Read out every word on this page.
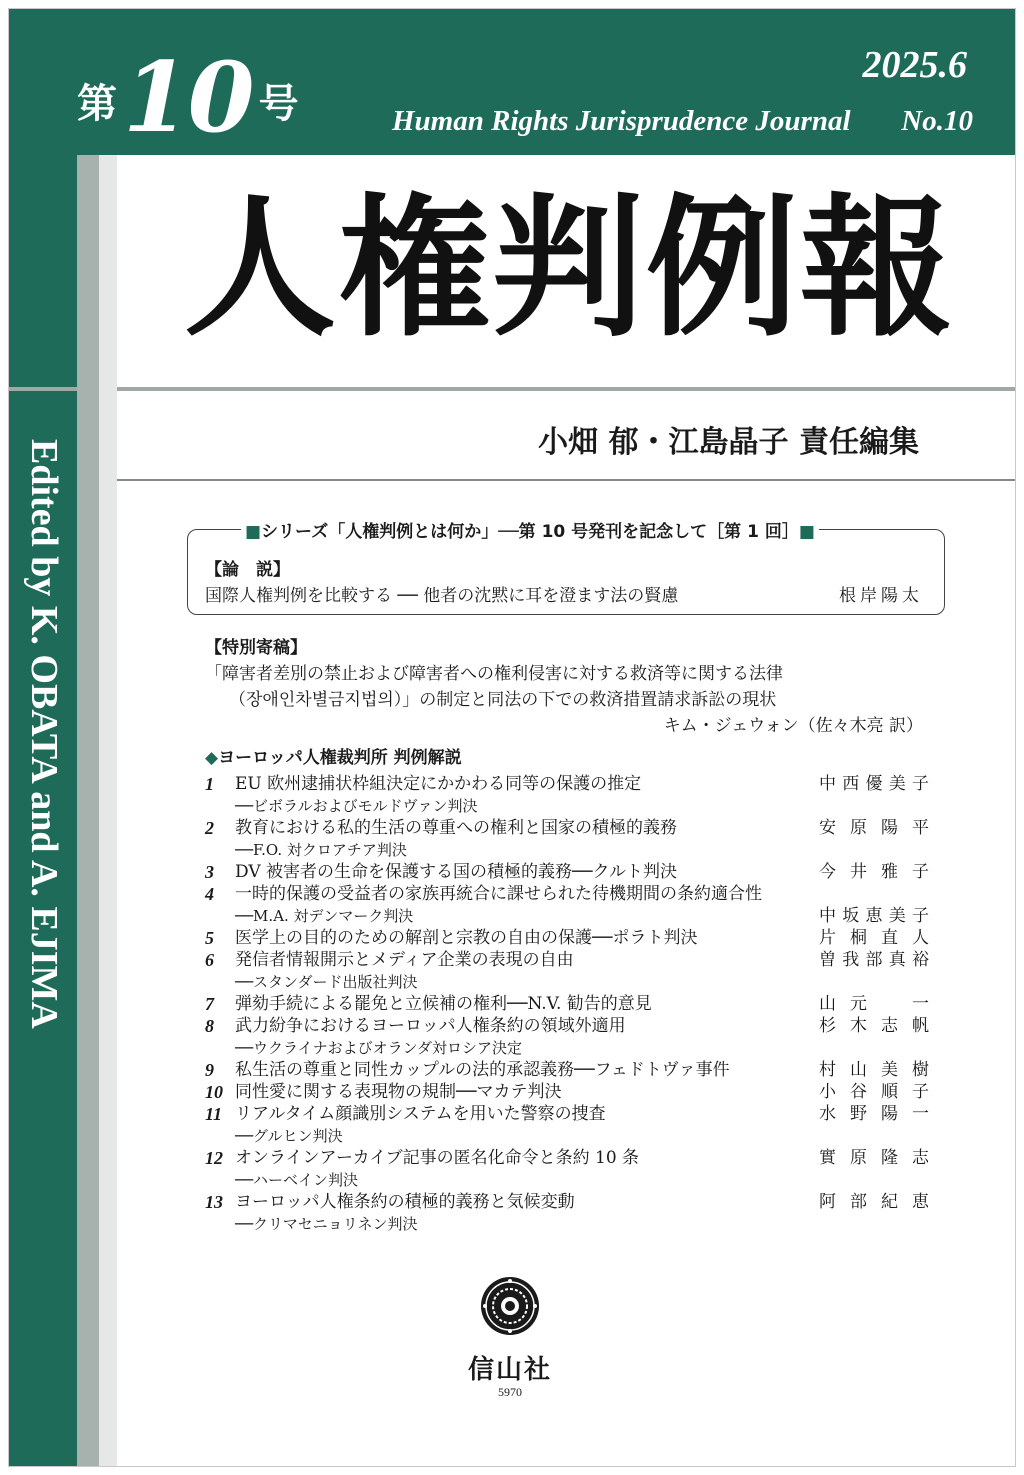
第10 号
2025.6
Human Rights Jurisprudence Journal No.10
Edited by K. OBATA and A. EJIMA
人権判例報
小畑 郁・江島晶子 責任編集
■シリーズ「人権判例とは何か」──第 10 号発刊を記念して［第 1 回］■
【論　説】
国際人権判例を比較する ── 他者の沈黙に耳を澄ます法の賢慮	根岸陽太
【特別寄稿】
「障害者差別の禁止および障害者への権利侵害に対する救済等に関する法律
（장애인차별금지법의）」の制定と同法の下での救済措置請求訴訟の現状
キム・ジェウォン（佐々木亮 訳）
◆ヨーロッパ人権裁判所 判例解説
1	EU 欧州逮捕状枠組決定にかかわる同等の保護の推定
──ビボラルおよびモルドヴァン判決
中西優美子
2	教育における私的生活の尊重への権利と国家の積極的義務
──F.O. 対クロアチア判決
安原陽平
3	DV 被害者の生命を保護する国の積極的義務──クルト判決	今井雅子
4	一時的保護の受益者の家族再統合に課せられた待機期間の条約適合性
──M.A. 対デンマーク判決	中坂恵美子
5	医学上の目的のための解剖と宗教の自由の保護──ポラト判決	片桐直人
6	発信者情報開示とメディア企業の表現の自由
──スタンダード出版社判決
曽我部真裕
7	弾劾手続による罷免と立候補の権利──N.V. 勧告的意見	山元　一
8	武力紛争におけるヨーロッパ人権条約の領域外適用
──ウクライナおよびオランダ対ロシア決定
杉木志帆
9	私生活の尊重と同性カップルの法的承認義務──フェドトヴァ事件	村山美樹
10 同性愛に関する表現物の規制──マカテ判決	小谷順子
11 リアルタイム顔識別システムを用いた警察の捜査
──グルヒン判決
水野陽一
12 オンラインアーカイブ記事の匿名化命令と条約 10 条
──ハーベイン判決
實原隆志
13 ヨーロッパ人権条約の積極的義務と気候変動
──クリマセニョリネン判決
阿部紀恵
信山社
5970
